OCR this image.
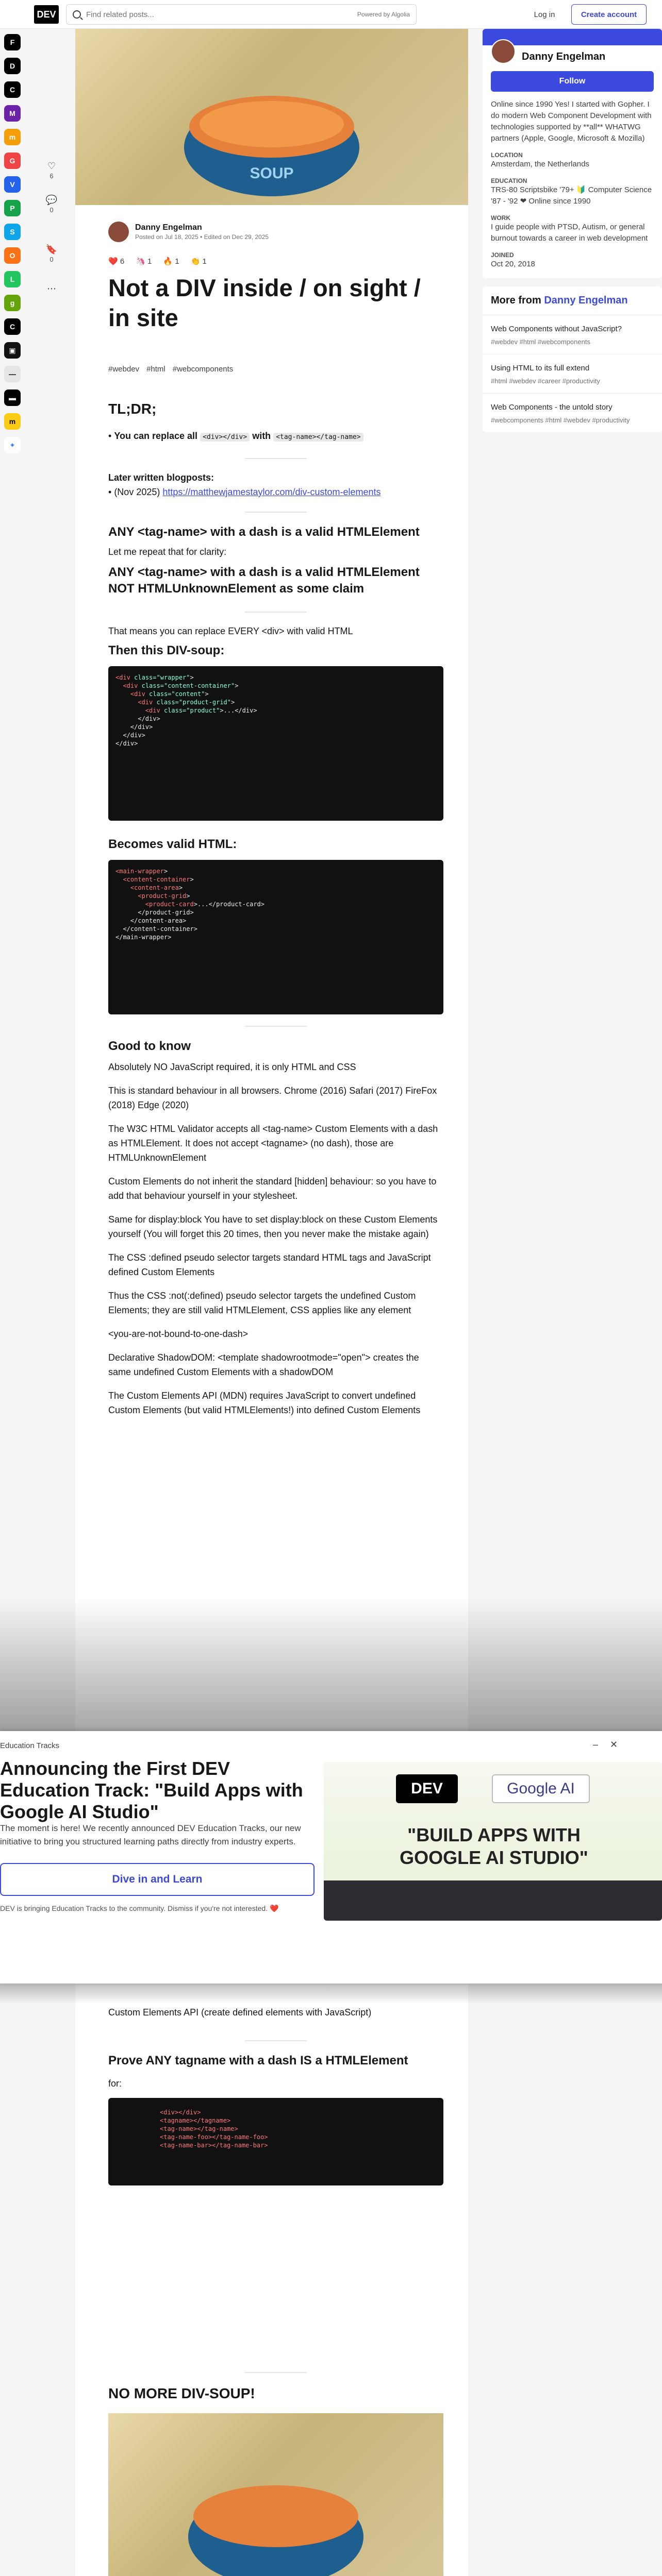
DEV
Find related posts...	Powered by Algolia	Log in	Create account
F
D
C
M
m
G
V
P
S
O
L
g
C
▣
—
▬
m
✦
♡
6
💬
0
🔖
0
⋯
SOUP
Danny Engelman
Posted on Jul 18, 2025 • Edited on Dec 29, 2025
❤️ 6 🦄 1 🔥 1 👏 1
Not a DIV inside / on sight / in site
#webdev #html #webcomponents
TL;DR;
• You can replace all <div></div> with <tag-name></tag-name>
Later written blogposts:
• (Nov 2025) https://matthewjamestaylor.com/div-custom-elements
ANY <tag-name> with a dash is a valid HTMLElement
Let me repeat that for clarity:
ANY <tag-name> with a dash is a valid HTMLElement
NOT HTMLUnknownElement as some claim
That means you can replace EVERY <div> with valid HTML
Then this DIV-soup:
<div class="wrapper">
<div class="content-container">
<div class="content">
<div class="product-grid">
<div class="product">...</div>
</div>
</div>
</div>
</div>
Becomes valid HTML:
<main-wrapper>
<content-container>
<content-area>
<product-grid>
<product-card>...</product-card>
</product-grid>
</content-area>
</content-container>
</main-wrapper>
Good to know

Absolutely NO JavaScript required, it is only HTML and CSS

This is standard behaviour in all browsers. Chrome (2016) Safari (2017) FireFox (2018) Edge (2020)

The W3C HTML Validator accepts all <tag-name> Custom Elements with a dash as HTMLElement. It does not accept <tagname> (no dash), those are HTMLUnknownElement

Custom Elements do not inherit the standard [hidden] behaviour: so you have to add that behaviour yourself in your stylesheet.

Same for display:block You have to set display:block on these Custom Elements yourself (You will forget this 20 times, then you never make the mistake again)

The CSS :defined pseudo selector targets standard HTML tags and JavaScript defined Custom Elements

Thus the CSS :not(:defined) pseudo selector targets the undefined Custom Elements; they are still valid HTMLElement, CSS applies like any element

<you-are-not-bound-to-one-dash>

Declarative ShadowDOM: <template shadowrootmode="open"> creates the same undefined Custom Elements with a shadowDOM

The Custom Elements API (MDN) requires JavaScript to convert undefined Custom Elements (but valid HTMLElements!) into defined Custom Elements

Custom Elements API (create defined elements with JavaScript)

Prove ANY tagname with a dash IS a HTMLElement

for:

<div></div>
<tagname></tagname>
<tag-name></tag-name>
<tag-name-foo></tag-name-foo>
<tag-name-bar></tag-name-bar>
NO MORE DIV-SOUP!

Danny Engelman
Follow
Online since 1990 Yes! I started with Gopher. I do modern Web Component Development with technologies supported by **all** WHATWG partners (Apple, Google, Microsoft & Mozilla)
LOCATION
Amsterdam, the Netherlands
EDUCATION
TRS-80 Scriptsbike '79+ 🔰 Computer Science '87 - '92 ❤ Online since 1990
WORK
I guide people with PTSD, Autism, or general burnout towards a career in web development
JOINED
Oct 20, 2018
More from Danny Engelman
Web Components without JavaScript?
#webdev #html #webcomponents
Using HTML to its full extend
#html #webdev #career #productivity
Web Components - the untold story
#webcomponents #html #webdev #productivity
Education Tracks	– ✕
Announcing the First DEV Education Track: "Build Apps with Google AI Studio"
The moment is here! We recently announced DEV Education Tracks, our new initiative to bring you structured learning paths directly from industry experts.
Dive in and Learn
DEV is bringing Education Tracks to the community. Dismiss if you're not interested. ❤️
DEV	Google AI
"BUILD APPS WITH GOOGLE AI STUDIO"
